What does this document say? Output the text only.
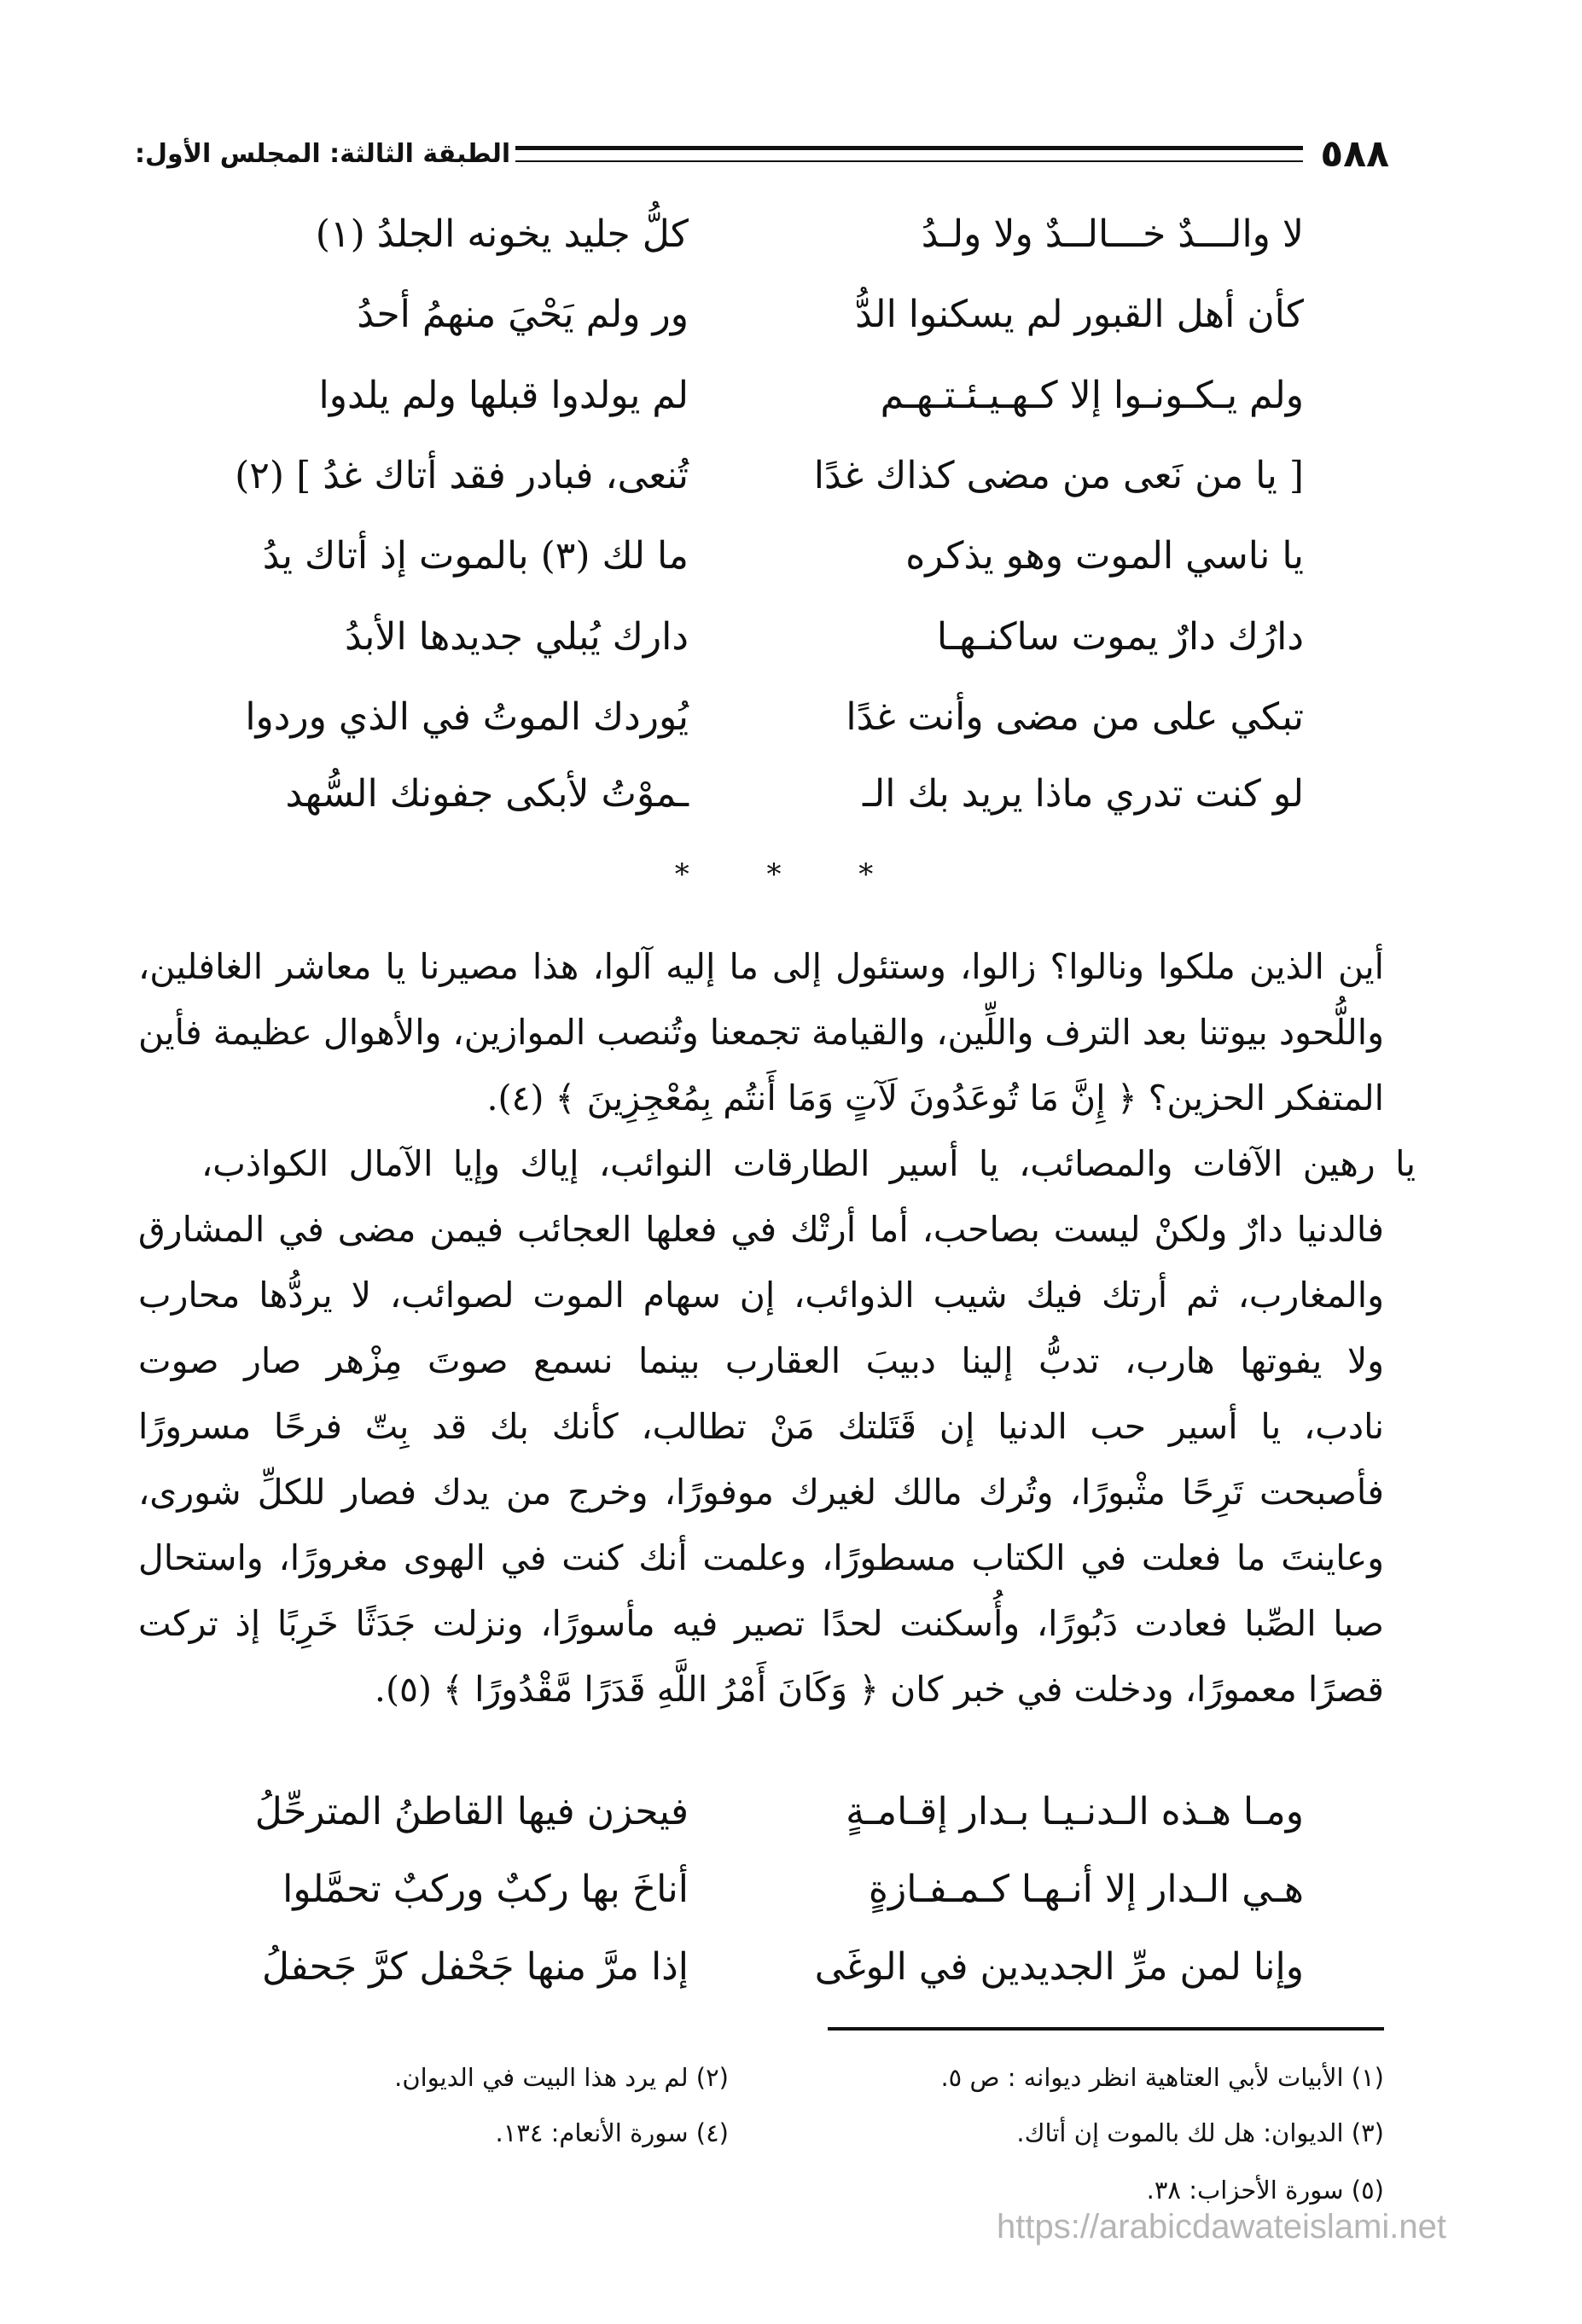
٥٨٨
الطبقة الثالثة: المجلس الأول:
لا والـــدٌ خـــالــدٌ ولا ولـدُ
كلُّ جليد يخونه الجلدُ (١)
كأن أهل القبور لم يسكنوا الدُّ
ور ولم يَحْيَ منهمُ أحدُ
ولم يـكـونـوا إلا كـهـيـئـتـهـم
لم يولدوا قبلها ولم يلدوا
[ يا من نَعى من مضى كذاك غدًا
تُنعى، فبادر فقد أتاك غدُ ] (٢)
يا ناسي الموت وهو يذكره
ما لك (٣) بالموت إذ أتاك يدُ
دارُك دارٌ يموت ساكنـهـا
دارك يُبلي جديدها الأبدُ
تبكي على من مضى وأنت غدًا
يُوردك الموتُ في الذي وردوا
لو كنت تدري ماذا يريد بك الـ
ـموْتُ لأبكى جفونك السُّهد
* * *
أين الذين ملكوا ونالوا؟ زالوا، وستئول إلى ما إليه آلوا، هذا مصيرنا يا معاشر الغافلين،
واللُّحود بيوتنا بعد الترف واللِّين، والقيامة تجمعنا وتُنصب الموازين، والأهوال عظيمة فأين
المتفكر الحزين؟ ﴿ إِنَّ مَا تُوعَدُونَ لَآتٍ وَمَا أَنتُم بِمُعْجِزِينَ ﴾ (٤).
يا رهين الآفات والمصائب، يا أسير الطارقات النوائب، إياك وإيا الآمال الكواذب،
فالدنيا دارٌ ولكنْ ليست بصاحب، أما أرتْك في فعلها العجائب فيمن مضى في المشارق
والمغارب، ثم أرتك فيك شيب الذوائب، إن سهام الموت لصوائب، لا يردُّها محارب
ولا يفوتها هارب، تدبُّ إلينا دبيبَ العقارب بينما نسمع صوتَ مِزْهر صار صوت
نادب، يا أسير حب الدنيا إن قَتَلتك مَنْ تطالب، كأنك بك قد بِتّ فرحًا مسرورًا
فأصبحت تَرِحًا مثْبورًا، وتُرك مالك لغيرك موفورًا، وخرج من يدك فصار للكلِّ شورى،
وعاينتَ ما فعلت في الكتاب مسطورًا، وعلمت أنك كنت في الهوى مغرورًا، واستحال
صبا الصِّبا فعادت دَبُورًا، وأُسكنت لحدًا تصير فيه مأسورًا، ونزلت جَدَثًا خَرِبًا إذ تركت
قصرًا معمورًا، ودخلت في خبر كان ﴿ وَكَانَ أَمْرُ اللَّهِ قَدَرًا مَّقْدُورًا ﴾ (٥).
ومـا هـذه الـدنـيـا بـدار إقـامـةٍ
فيحزن فيها القاطنُ المترحِّلُ
هـي الـدار إلا أنـهـا كـمـفـازةٍ
أناخَ بها ركبٌ وركبٌ تحمَّلوا
وإنا لمن مرِّ الجديدين في الوغَى
إذا مرَّ منها جَحْفل كرَّ جَحفلُ
(١) الأبيات لأبي العتاهية انظر ديوانه : ص ٥.
(٢) لم يرد هذا البيت في الديوان.
(٣) الديوان: هل لك بالموت إن أتاك.
(٤) سورة الأنعام: ١٣٤.
(٥) سورة الأحزاب: ٣٨.
https://arabicdawateislami.net
